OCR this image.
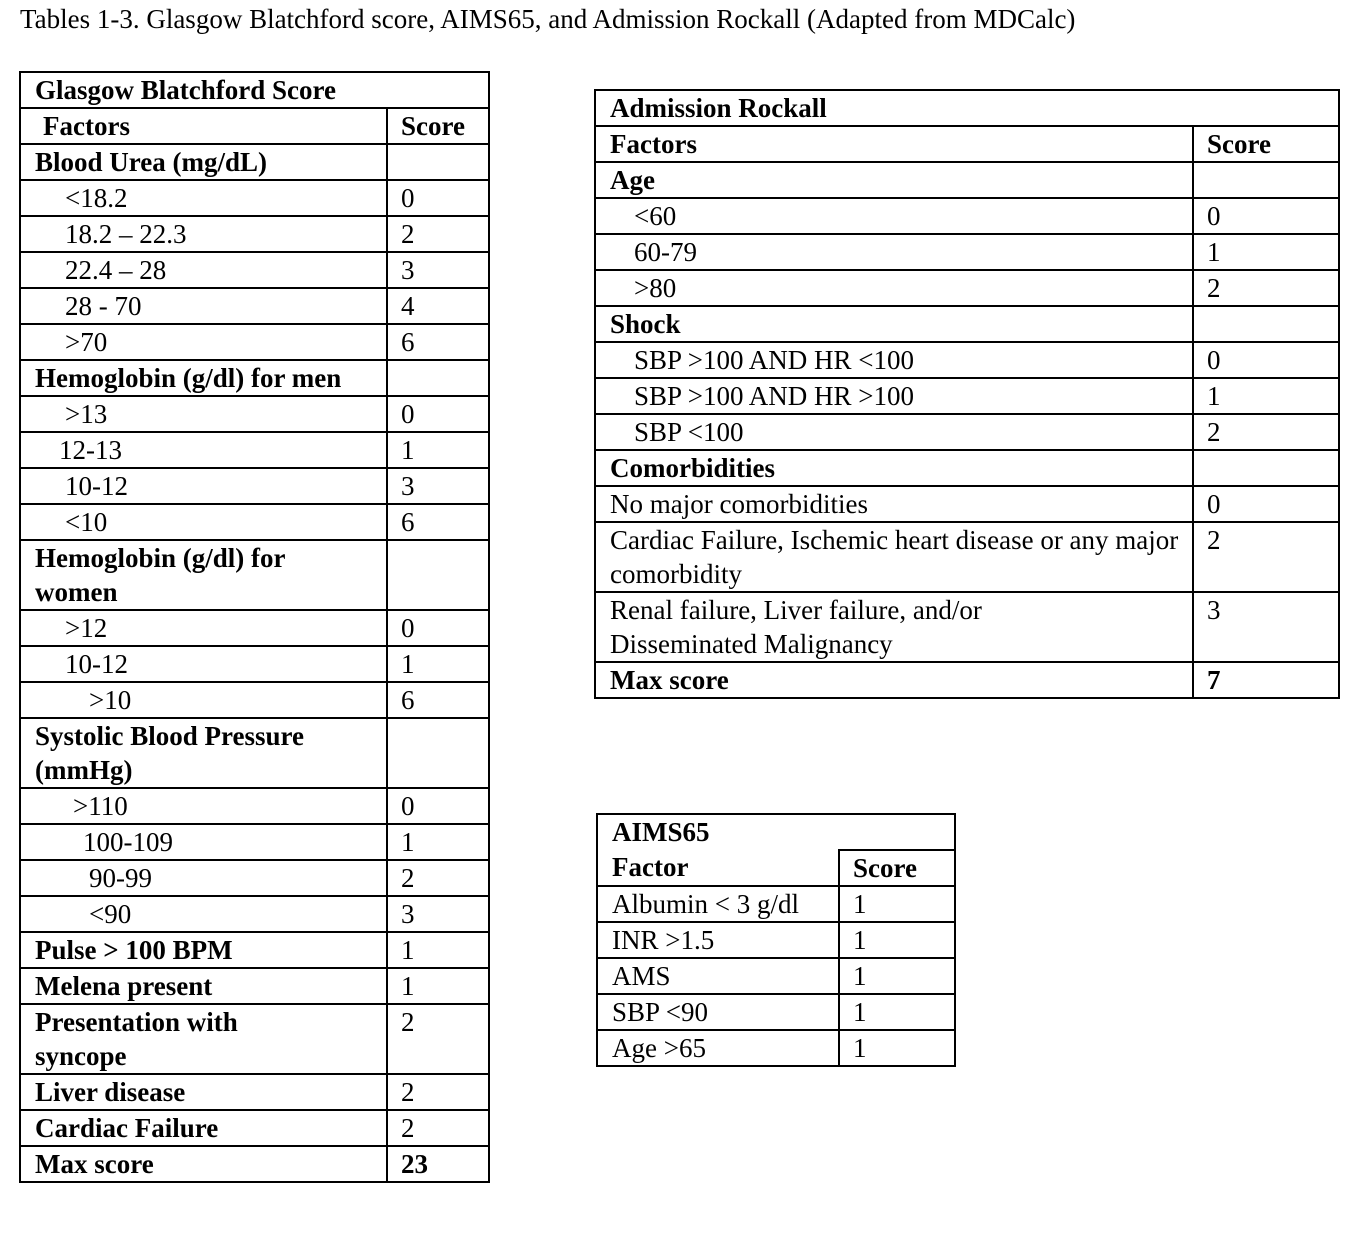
Tables 1-3. Glasgow Blatchford score, AIMS65, and Admission Rockall (Adapted from MDCalc)

Glasgow Blatchford Score	
Factors	Score
Blood Urea (mg/dL)	
<18.2	0
18.2 – 22.3	2
22.4 – 28	3
28 - 70	4
>70	6
Hemoglobin (g/dl) for men	
>13	0
12-13	1
10-12	3
<10	6
Hemoglobin (g/dl) for women	
>12	0
10-12	1
>10	6
Systolic Blood Pressure (mmHg)	
>110	0
100-109	1
90-99	2
<90	3
Pulse > 100 BPM	1
Melena present	1
Presentation with syncope	2
Liver disease	2
Cardiac Failure	2
Max score	23
Admission Rockall	
Factors	Score
Age	
<60	0
60-79	1
>80	2
Shock	
SBP >100 AND HR <100	0
SBP >100 AND HR >100	1
SBP <100	2
Comorbidities	
No major comorbidities	0
Cardiac Failure, Ischemic heart disease or any major comorbidity	2
Renal failure, Liver failure, and/or Disseminated Malignancy	3
Max score	7
AIMS65	
Factor	Score
Albumin < 3 g/dl	1
INR >1.5	1
AMS	1
SBP <90	1
Age >65	1
